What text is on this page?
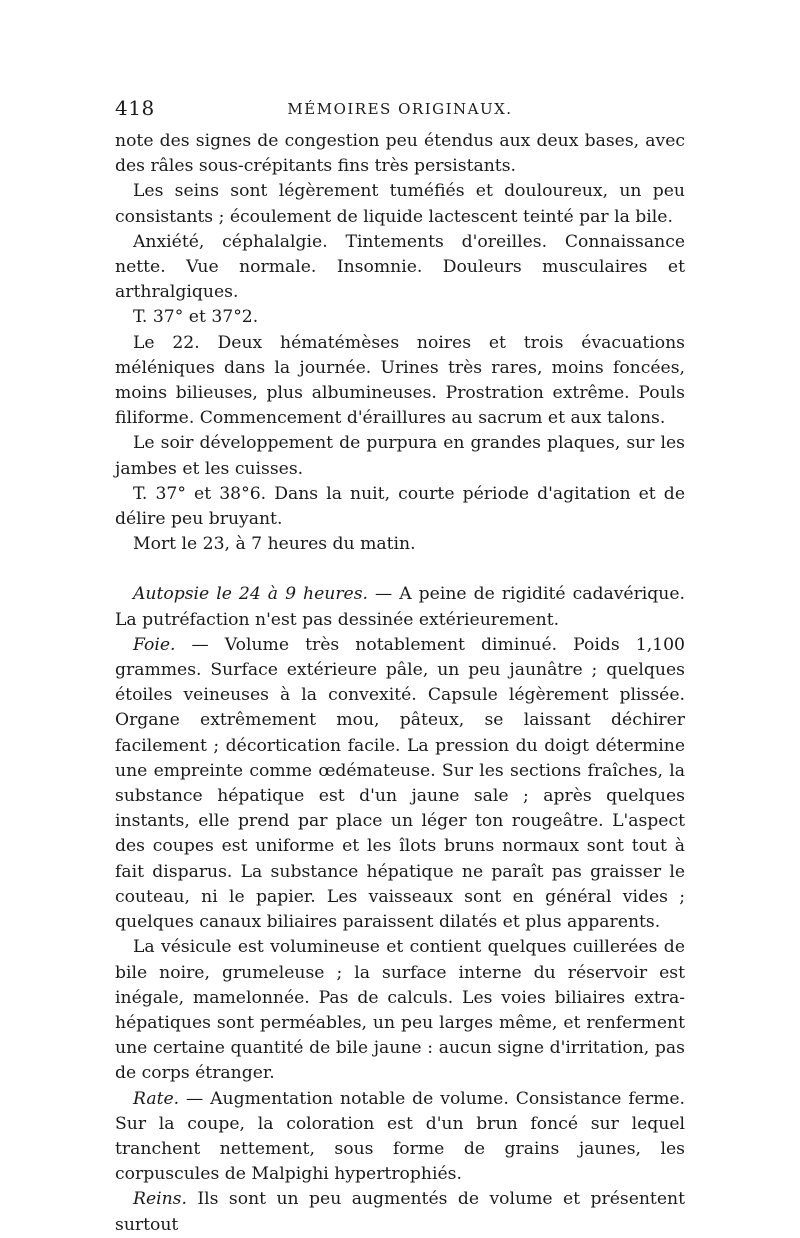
418	MÉMOIRES ORIGINAUX.

note des signes de congestion peu étendus aux deux bases, avec des râles sous-crépitants fins très persistants.

Les seins sont légèrement tuméfiés et douloureux, un peu consistants ; écoulement de liquide lactescent teinté par la bile.

Anxiété, céphalalgie. Tintements d'oreilles. Connaissance nette. Vue normale. Insomnie. Douleurs musculaires et arthralgiques.

T. 37° et 37°2.

Le 22. Deux hématémèses noires et trois évacuations méléniques dans la journée. Urines très rares, moins foncées, moins bilieuses, plus albumineuses. Prostration extrême. Pouls filiforme. Commencement d'éraillures au sacrum et aux talons.

Le soir développement de purpura en grandes plaques, sur les jambes et les cuisses.

T. 37° et 38°6. Dans la nuit, courte période d'agitation et de délire peu bruyant.

Mort le 23, à 7 heures du matin.

Autopsie le 24 à 9 heures. — A peine de rigidité cadavérique. La putréfaction n'est pas dessinée extérieurement.

Foie. — Volume très notablement diminué. Poids 1,100 grammes. Surface extérieure pâle, un peu jaunâtre ; quelques étoiles veineuses à la convexité. Capsule légèrement plissée. Organe extrêmement mou, pâteux, se laissant déchirer facilement ; décortication facile. La pression du doigt détermine une empreinte comme œdémateuse. Sur les sections fraîches, la substance hépatique est d'un jaune sale ; après quelques instants, elle prend par place un léger ton rougeâtre. L'aspect des coupes est uniforme et les îlots bruns normaux sont tout à fait disparus. La substance hépatique ne paraît pas graisser le couteau, ni le papier. Les vaisseaux sont en général vides ; quelques canaux biliaires paraissent dilatés et plus apparents.

La vésicule est volumineuse et contient quelques cuillerées de bile noire, grumeleuse ; la surface interne du réservoir est inégale, mamelonnée. Pas de calculs. Les voies biliaires extra-hépatiques sont perméables, un peu larges même, et renferment une certaine quantité de bile jaune : aucun signe d'irritation, pas de corps étranger.

Rate. — Augmentation notable de volume. Consistance ferme. Sur la coupe, la coloration est d'un brun foncé sur lequel tranchent nettement, sous forme de grains jaunes, les corpuscules de Malpighi hypertrophiés.

Reins. Ils sont un peu augmentés de volume et présentent surtout
